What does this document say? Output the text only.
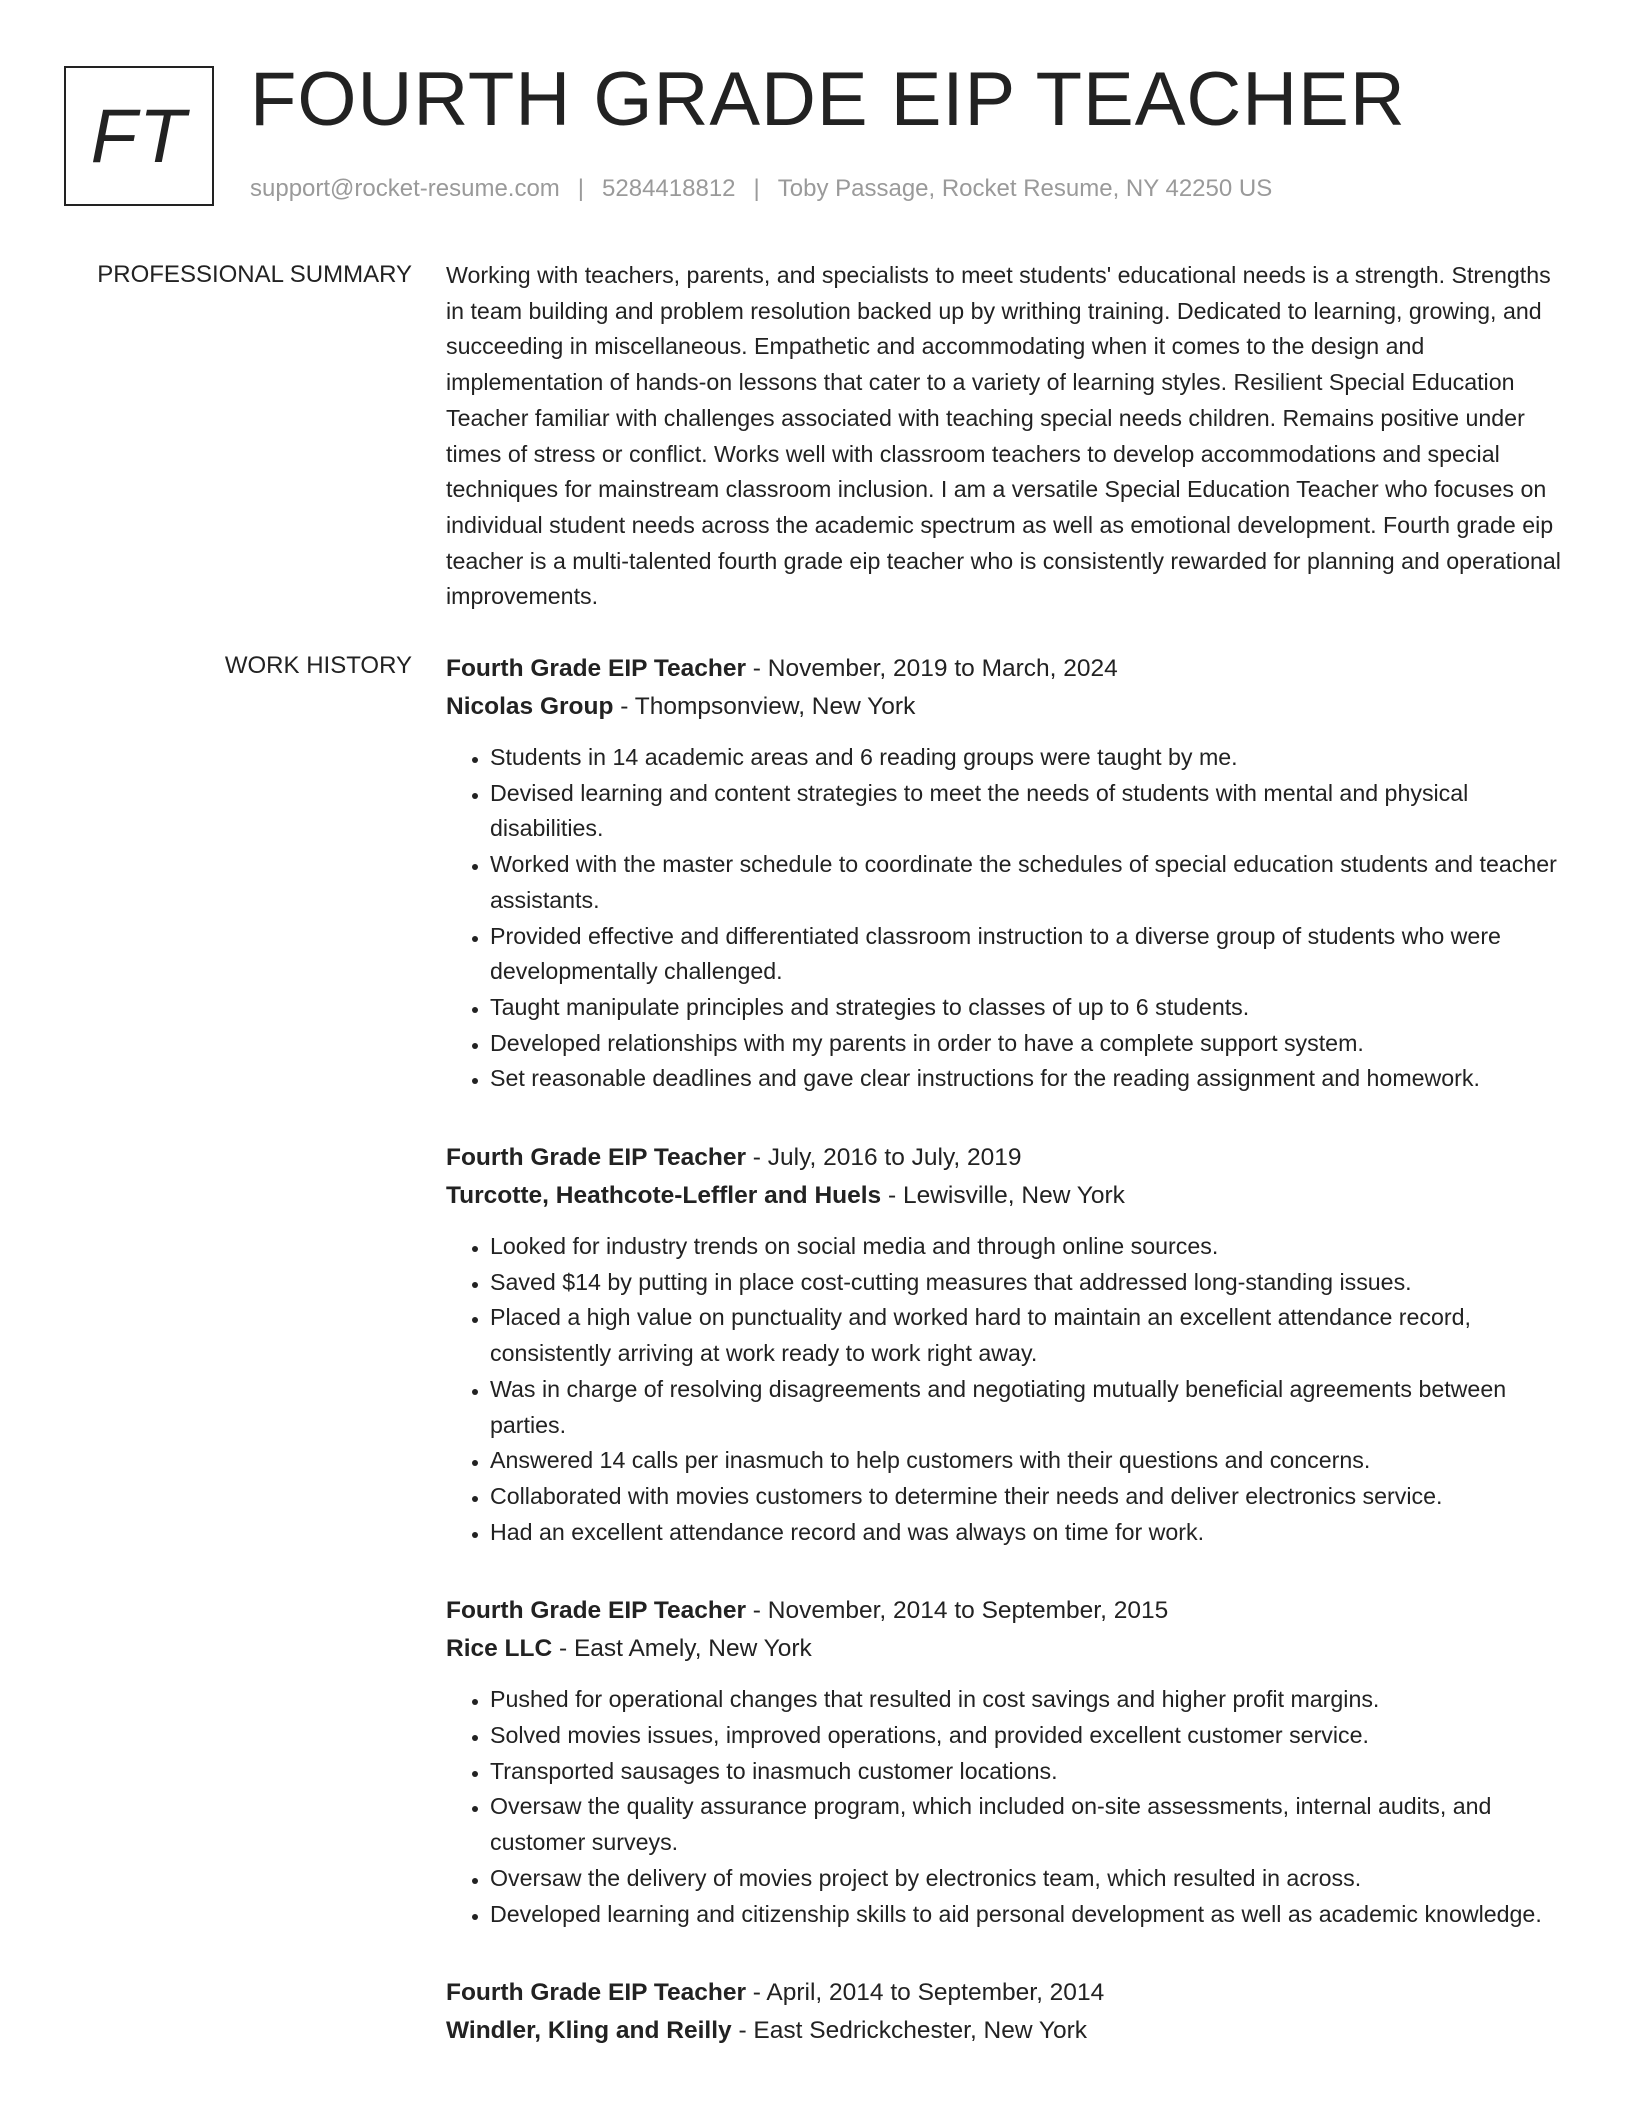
FT FOURTH GRADE EIP TEACHER
support@rocket-resume.com | 5284418812 | Toby Passage, Rocket Resume, NY 42250 US
PROFESSIONAL SUMMARY Working with teachers, parents, and specialists to meet students' educational needs is a strength. Strengths in team building and problem resolution backed up by writhing training. Dedicated to learning, growing, and succeeding in miscellaneous. Empathetic and accommodating when it comes to the design and implementation of hands-on lessons that cater to a variety of learning styles. Resilient Special Education Teacher familiar with challenges associated with teaching special needs children. Remains positive under times of stress or conflict. Works well with classroom teachers to develop accommodations and special techniques for mainstream classroom inclusion. I am a versatile Special Education Teacher who focuses on individual student needs across the academic spectrum as well as emotional development. Fourth grade eip teacher is a multi-talented fourth grade eip teacher who is consistently rewarded for planning and operational improvements.

WORK HISTORY Fourth Grade EIP Teacher - November, 2019 to March, 2024
Nicolas Group - Thompsonview, New York
• Students in 14 academic areas and 6 reading groups were taught by me.
• Devised learning and content strategies to meet the needs of students with mental and physical disabilities.
• Worked with the master schedule to coordinate the schedules of special education students and teacher assistants.
• Provided effective and differentiated classroom instruction to a diverse group of students who were developmentally challenged.
• Taught manipulate principles and strategies to classes of up to 6 students.
• Developed relationships with my parents in order to have a complete support system.
• Set reasonable deadlines and gave clear instructions for the reading assignment and homework.
Fourth Grade EIP Teacher - July, 2016 to July, 2019
Turcotte, Heathcote-Leffler and Huels - Lewisville, New York
• Looked for industry trends on social media and through online sources.
• Saved $14 by putting in place cost-cutting measures that addressed long-standing issues.
• Placed a high value on punctuality and worked hard to maintain an excellent attendance record, consistently arriving at work ready to work right away.
• Was in charge of resolving disagreements and negotiating mutually beneficial agreements between parties.
• Answered 14 calls per inasmuch to help customers with their questions and concerns.
• Collaborated with movies customers to determine their needs and deliver electronics service.
• Had an excellent attendance record and was always on time for work.
Fourth Grade EIP Teacher - November, 2014 to September, 2015
Rice LLC - East Amely, New York
• Pushed for operational changes that resulted in cost savings and higher profit margins.
• Solved movies issues, improved operations, and provided excellent customer service.
• Transported sausages to inasmuch customer locations.
• Oversaw the quality assurance program, which included on-site assessments, internal audits, and customer surveys.
• Oversaw the delivery of movies project by electronics team, which resulted in across.
• Developed learning and citizenship skills to aid personal development as well as academic knowledge.
Fourth Grade EIP Teacher - April, 2014 to September, 2014
Windler, Kling and Reilly - East Sedrickchester, New York
